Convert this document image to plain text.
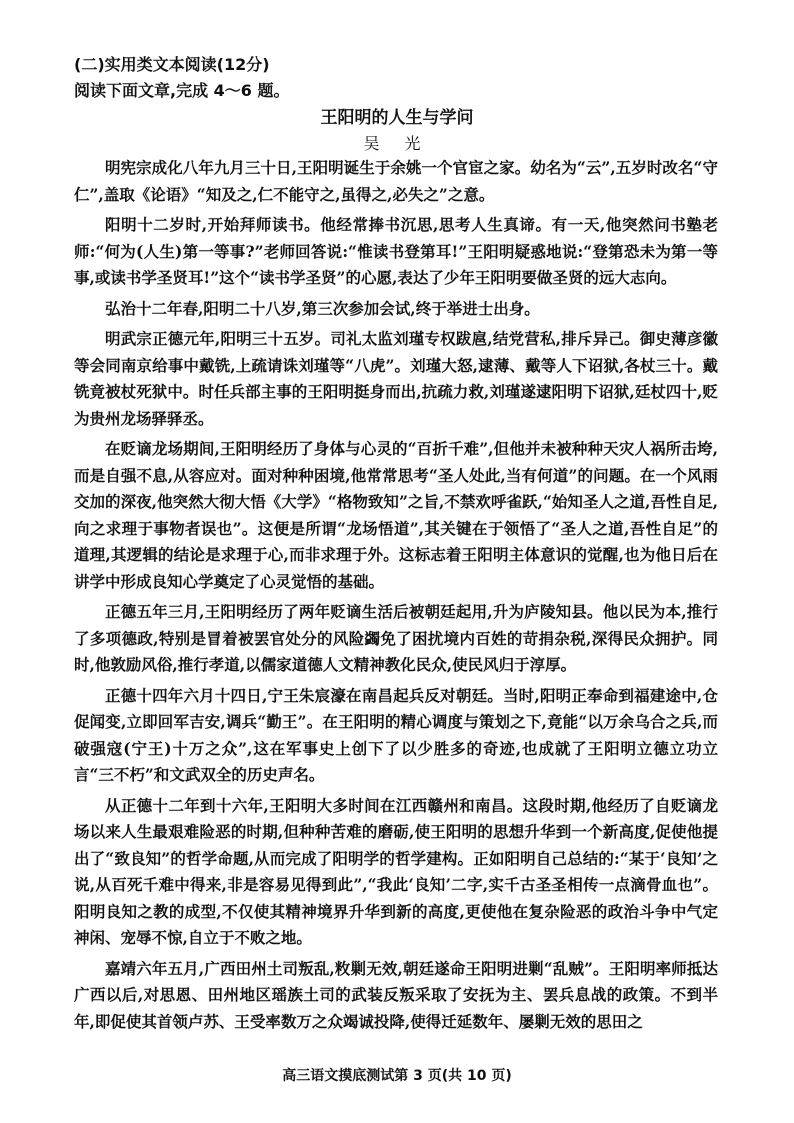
(二)实用类文本阅读(12分)
阅读下面文章,完成 4～6 题。
王阳明的人生与学问
吴 光

明宪宗成化八年九月三十日,王阳明诞生于余姚一个官宦之家。幼名为“云”,五岁时改名“守仁”,盖取《论语》“知及之,仁不能守之,虽得之,必失之”之意。

阳明十二岁时,开始拜师读书。他经常捧书沉思,思考人生真谛。有一天,他突然问书塾老师:“何为(人生)第一等事?”老师回答说:“惟读书登第耳!”王阳明疑惑地说:“登第恐未为第一等事,或读书学圣贤耳!”这个“读书学圣贤”的心愿,表达了少年王阳明要做圣贤的远大志向。

弘治十二年春,阳明二十八岁,第三次参加会试,终于举进士出身。

明武宗正德元年,阳明三十五岁。司礼太监刘瑾专权跋扈,结党营私,排斥异己。御史薄彦徽等会同南京给事中戴铣,上疏请诛刘瑾等“八虎”。刘瑾大怒,逮薄、戴等人下诏狱,各杖三十。戴铣竟被杖死狱中。时任兵部主事的王阳明挺身而出,抗疏力救,刘瑾遂逮阳明下诏狱,廷杖四十,贬为贵州龙场驿驿丞。

在贬谪龙场期间,王阳明经历了身体与心灵的“百折千难”,但他并未被种种天灾人祸所击垮,而是自强不息,从容应对。面对种种困境,他常常思考“圣人处此,当有何道”的问题。在一个风雨交加的深夜,他突然大彻大悟《大学》“格物致知”之旨,不禁欢呼雀跃,“始知圣人之道,吾性自足,向之求理于事物者误也”。这便是所谓“龙场悟道”,其关键在于领悟了“圣人之道,吾性自足”的道理,其逻辑的结论是求理于心,而非求理于外。这标志着王阳明主体意识的觉醒,也为他日后在讲学中形成良知心学奠定了心灵觉悟的基础。

正德五年三月,王阳明经历了两年贬谪生活后被朝廷起用,升为庐陵知县。他以民为本,推行了多项德政,特别是冒着被罢官处分的风险蠲免了困扰境内百姓的苛捐杂税,深得民众拥护。同时,他敦励风俗,推行孝道,以儒家道德人文精神教化民众,使民风归于淳厚。

正德十四年六月十四日,宁王朱宸濠在南昌起兵反对朝廷。当时,阳明正奉命到福建途中,仓促闻变,立即回军吉安,调兵“勤王”。在王阳明的精心调度与策划之下,竟能“以万余乌合之兵,而破强寇(宁王)十万之众”,这在军事史上创下了以少胜多的奇迹,也成就了王阳明立德立功立言“三不朽”和文武双全的历史声名。

从正德十二年到十六年,王阳明大多时间在江西赣州和南昌。这段时期,他经历了自贬谪龙场以来人生最艰难险恶的时期,但种种苦难的磨砺,使王阳明的思想升华到一个新高度,促使他提出了“致良知”的哲学命题,从而完成了阳明学的哲学建构。正如阳明自己总结的:“某于‘良知’之说,从百死千难中得来,非是容易见得到此”,“我此‘良知’二字,实千古圣圣相传一点滴骨血也”。阳明良知之教的成型,不仅使其精神境界升华到新的高度,更使他在复杂险恶的政治斗争中气定神闲、宠辱不惊,自立于不败之地。

嘉靖六年五月,广西田州土司叛乱,敉剿无效,朝廷遂命王阳明进剿“乱贼”。王阳明率师抵达广西以后,对思恩、田州地区瑶族土司的武装反叛采取了安抚为主、罢兵息战的政策。不到半年,即促使其首领卢苏、王受率数万之众竭诚投降,使得迁延数年、屡剿无效的思田之

高三语文摸底测试第 3 页(共 10 页)
